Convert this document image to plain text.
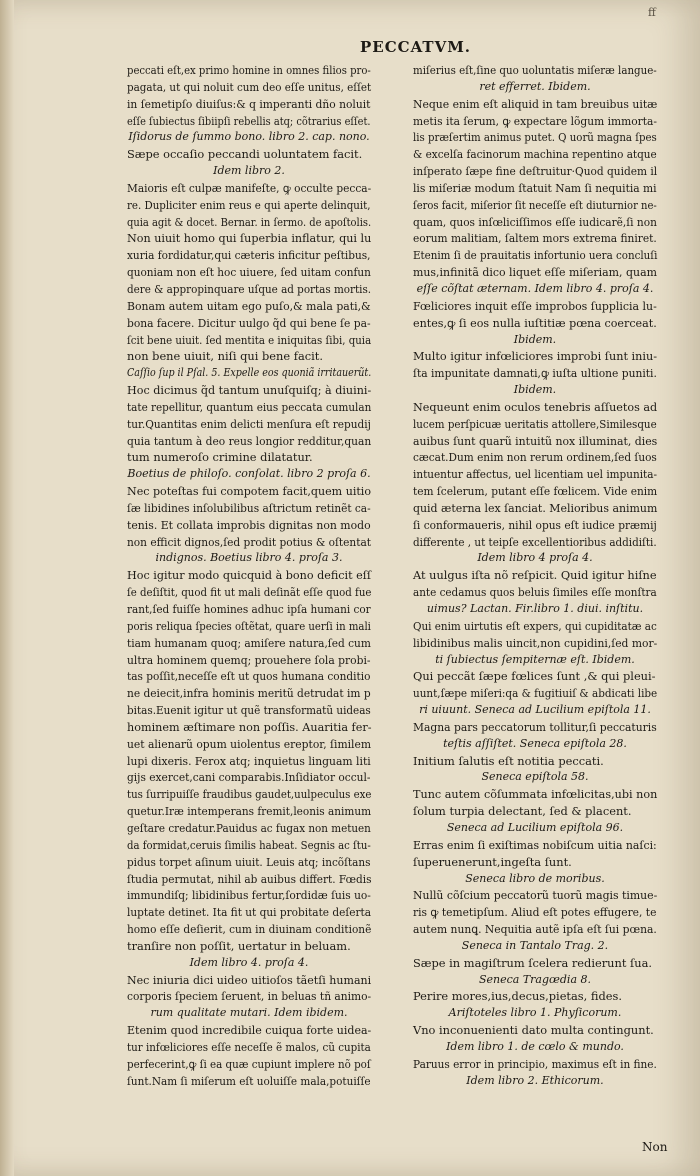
ff
PECCATVM.

peccati eſt,ex primo homine in omnes filios pro‑

pagata, ut qui noluit cum deo eſſe unitus, eſſet

in ſemetipſo diuiſus:& q imperanti dño noluit

eſſe ſubiectus ſibiipſi rebellis atq; cõtrarius eſſet.

Iſidorus de ſummo bono. libro 2. cap. nono.

Sæpe occaſio peccandi uoluntatem facit.

Idem libro 2.

Maioris eſt culpæ manifeſte, ꝙ occulte pecca‑

re. Dupliciter enim reus e qui aperte delinquit,

quia agit & docet. Bernar. in ſermo. de apoſtolis.

Non uiuit homo qui ſuperbia inflatur, qui lu

xuria fordidatur,qui cæteris inficitur peſtibus,

quoniam non eſt hoc uiuere, ſed uitam confun

dere & appropinquare uſque ad portas mortis.

Bonam autem uitam ego puſo,& mala pati,&

bona facere. Dicitur uulgo q̃d qui bene ſe pa‑

ſcit bene uiuit. ſed mentita e iniquitas ſibi, quia

non bene uiuit, niſi qui bene facit.

Caſſio ſup il Pſal. 5. Expelle eos quoniã irritauerũt.

Hoc dicimus q̃d tantum unuſquiſq; à diuini‑

tate repellitur, quantum eius peccata cumulan

tur.Quantitas enim delicti menſura eſt repudij

quia tantum à deo reus longior redditur,quan

tum numeroſo crimine dilatatur.

Boetius de philoſo. conſolat. libro 2 proſa 6.

Nec poteſtas fui compotem facit,quem uitio

ſæ libidines inſolubilibus aſtrictum retinẽt ca‑

tenis. Et collata improbis dignitas non modo

non efficit dignos,ſed prodit potius & oſtentat

indignos. Boetius libro 4. proſa 3.

Hoc igitur modo quicquid à bono deficit eſſ

ſe deſiſtit, quod fit ut mali deſinãt eſſe quod fue

rant,ſed fuiſſe homines adhuc ipſa humani cor

poris reliqua ſpecies oſtẽtat, quare uerſi in mali

tiam humanam quoq; amiſere natura,ſed cum

ultra hominem quemq; prouehere ſola probi‑

tas poſſit,neceſſe eſt ut quos humana conditio

ne deiecit,infra hominis meritũ detrudat im p

bitas.Euenit igitur ut quẽ transformatũ uideas

hominem æſtimare non poſſis. Auaritia fer‑

uet alienarũ opum uiolentus ereptor, ſimilem

lupi dixeris. Ferox atq; inquietus linguam liti

gijs exercet,cani comparabis.Inſidiator occul‑

tus ſurripuiſſe fraudibus gaudet,uulpeculus exe

quetur.Iræ intemperans fremit,leonis animum

geſtare credatur.Pauidus ac fugax non metuen

da formidat,ceruis ſimilis habeat. Segnis ac ſtu‑

pidus torpet aſinum uiuit. Leuis atq; incõſtans

ſtudia permutat, nihil ab auibus differt. Fœdis

immundiſq; libidinibus fertur,ſordidæ ſuis uo‑

luptate detinet. Ita fit ut qui probitate deſerta

homo eſſe deſierit, cum in diuinam conditionẽ

tranſire non poſſit, uertatur in beluam.

Idem libro 4. proſa 4.

Nec iniuria dici uideo uitioſos tãetſi humani

corporis ſpeciem ſeruent, in beluas tñ animo‑

rum qualitate mutari. Idem ibidem.

Etenim quod incredibile cuiqua forte uidea‑

tur infœliciores eſſe neceſſe ẽ malos, cũ cupita

perfecerint,ꝙ ſi ea quæ cupiunt implere nõ poſ

ſunt.Nam ſi miſerum eſt uoluiſſe mala,potuiſſe

miſerius eſt,ſine quo uoluntatis miſeræ langue‑

ret efferret. Ibidem.

Neque enim eſt aliquid in tam breuibus uitæ

metis ita ſerum, ꝙ expectare lõgum immorta‑

lis præſertim animus putet. Q uorũ magna ſpes

& excelſa facinorum machina repentino atque

inſperato ſæpe fine deſtruitur·Quod quidem il

lis miſeriæ modum ſtatuit Nam ſi nequitia mi

ſeros facit, miſerior ſit neceſſe eſt diuturnior ne‑

quam, quos inſœliciſſimos eſſe iudicarẽ,ſi non

eorum malitiam, ſaltem mors extrema finiret.

Etenim ſi de prauitatis infortunio uera concluſi

mus,infinitã dico liquet eſſe miſeriam, quam

eſſe cõſtat æternam. Idem libro 4. proſa 4.

Fœliciores inquit eſſe improbos ſupplicia lu‑

entes,ꝙ ſi eos nulla iuſtitiæ pœna coerceat.

Ibidem.

Multo igitur infœliciores improbi ſunt iniu‑

ſta impunitate damnati,ꝙ iuſta ultione puniti.

Ibidem.

Nequeunt enim oculos tenebris aſſuetos ad

lucem perſpicuæ ueritatis attollere,Similesque

auibus ſunt quarũ intuitũ nox illuminat, dies

cæcat.Dum enim non rerum ordinem,ſed ſuos

intuentur affectus, uel licentiam uel impunita‑

tem ſcelerum, putant eſſe fœlicem. Vide enim

quid æterna lex ſanciat. Melioribus animum

ſi conformaueris, nihil opus eſt iudice præmij

differente , ut teipſe excellentioribus addidiſti.

Idem libro 4 proſa 4.

At uulgus iſta nõ reſpicit. Quid igitur hiſne

ante cedamus quos beluis ſimiles eſſe monſtra

uimus? Lactan. Fir.libro 1. diui. inſtitu.

Qui enim uirtutis eſt expers, qui cupiditatæ ac

libidinibus malis uincit,non cupidini,ſed mor‑

ti ſubiectus ſempiternæ eſt. Ibidem.

Qui peccãt ſæpe fœlices ſunt ,& qui pleui‑

uunt,ſæpe miſeri:qa & fugitiuiſ & abdicati libe

ri uiuunt. Seneca ad Lucilium epiſtola 11.

Magna pars peccatorum tollitur,ſi peccaturis

teſtis aſſiſtet. Seneca epiſtola 28.

Initium ſalutis eſt notitia peccati.

Seneca epiſtola 58.

Tunc autem cõſummata infœlicitas,ubi non

ſolum turpia delectant, ſed & placent.

Seneca ad Lucilium epiſtola 96.

Erras enim ſi exiſtimas nobiſcum uitia naſci:

ſuperuenerunt,ingeſta ſunt.

Seneca libro de moribus.

Nullũ cõſcium peccatorũ tuorũ magis timue‑

ris ꝙ temetipſum. Aliud eſt potes effugere, te

autem nunꝗ. Nequitia autẽ ipſa eſt ſui pœna.

Seneca in Tantalo Trag. 2.

Sæpe in magiſtrum ſcelera redierunt ſua.

Seneca Tragœdia 8.

Perire mores,ius,decus,pietas, fides.

Ariſtoteles libro 1. Phyſicorum.

Vno inconuenienti dato multa contingunt.

Idem libro 1. de cœlo & mundo.

Paruus error in principio, maximus eſt in fine.

Idem libro 2. Ethicorum.

Non
